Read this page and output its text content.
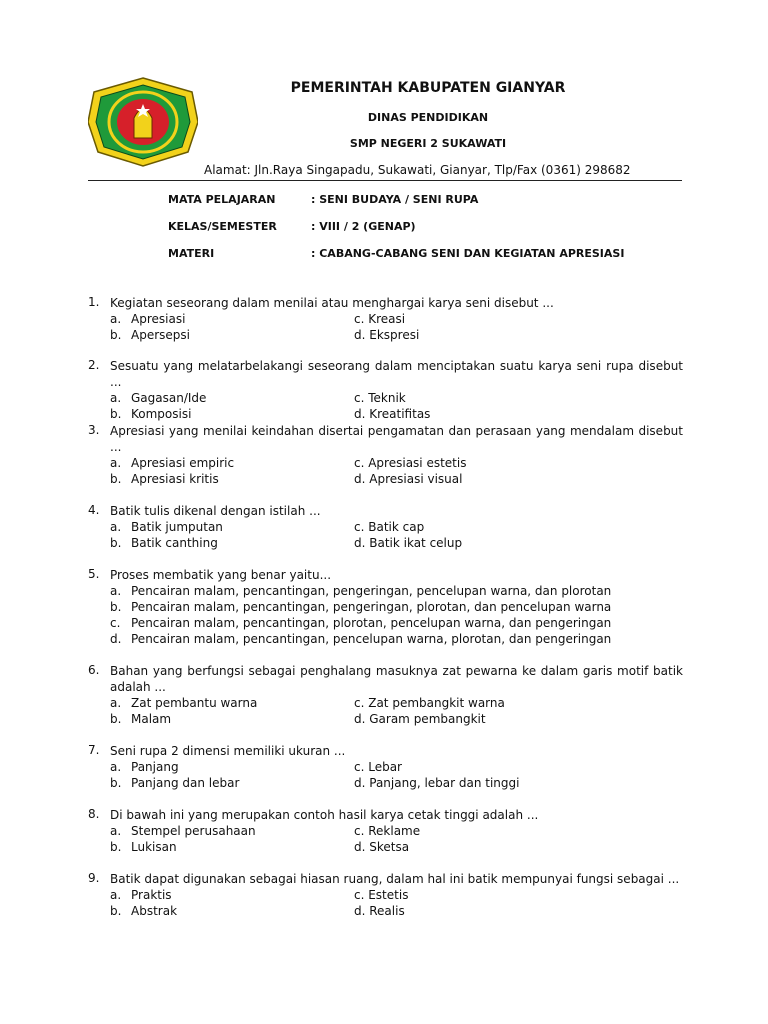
PEMERINTAH KABUPATEN GIANYAR
DINAS PENDIDIKAN
SMP NEGERI 2 SUKAWATI
Alamat: Jln.Raya Singapadu, Sukawati, Gianyar, Tlp/Fax (0361) 298682
MATA PELAJARAN	: SENI BUDAYA / SENI RUPA
KELAS/SEMESTER	: VIII / 2 (GENAP)
MATERI	: CABANG-CABANG SENI DAN KEGIATAN APRESIASI
1. Kegiatan seseorang dalam menilai atau menghargai karya seni disebut ...
a. Apresiasi	c. Kreasi
b. Apersepsi	d. Ekspresi
2. Sesuatu yang melatarbelakangi seseorang dalam menciptakan suatu karya seni rupa disebut ...
a. Gagasan/Ide	c. Teknik
b. Komposisi	d. Kreatifitas
3. Apresiasi yang menilai keindahan disertai pengamatan dan perasaan yang mendalam disebut ...
a. Apresiasi empiric	c. Apresiasi estetis
b. Apresiasi kritis	d. Apresiasi visual
4. Batik tulis dikenal dengan istilah ...
a. Batik jumputan	c. Batik cap
b. Batik canthing	d. Batik ikat celup
5. Proses membatik yang benar yaitu...
a. Pencairan malam, pencantingan, pengeringan, pencelupan warna, dan plorotan
b. Pencairan malam, pencantingan, pengeringan, plorotan, dan pencelupan warna
c. Pencairan malam, pencantingan, plorotan, pencelupan warna, dan pengeringan
d. Pencairan malam, pencantingan, pencelupan warna, plorotan, dan pengeringan
6. Bahan yang berfungsi sebagai penghalang masuknya zat pewarna ke dalam garis motif batik adalah ...
a. Zat pembantu warna	c. Zat pembangkit warna
b. Malam	d. Garam pembangkit
7. Seni rupa 2 dimensi memiliki ukuran ...
a. Panjang	c. Lebar
b. Panjang dan lebar	d. Panjang, lebar dan tinggi
8. Di bawah ini yang merupakan contoh hasil karya cetak tinggi adalah ...
a. Stempel perusahaan	c. Reklame
b. Lukisan	d. Sketsa
9. Batik dapat digunakan sebagai hiasan ruang, dalam hal ini batik mempunyai fungsi sebagai ...
a. Praktis	c. Estetis
b. Abstrak	d. Realis
